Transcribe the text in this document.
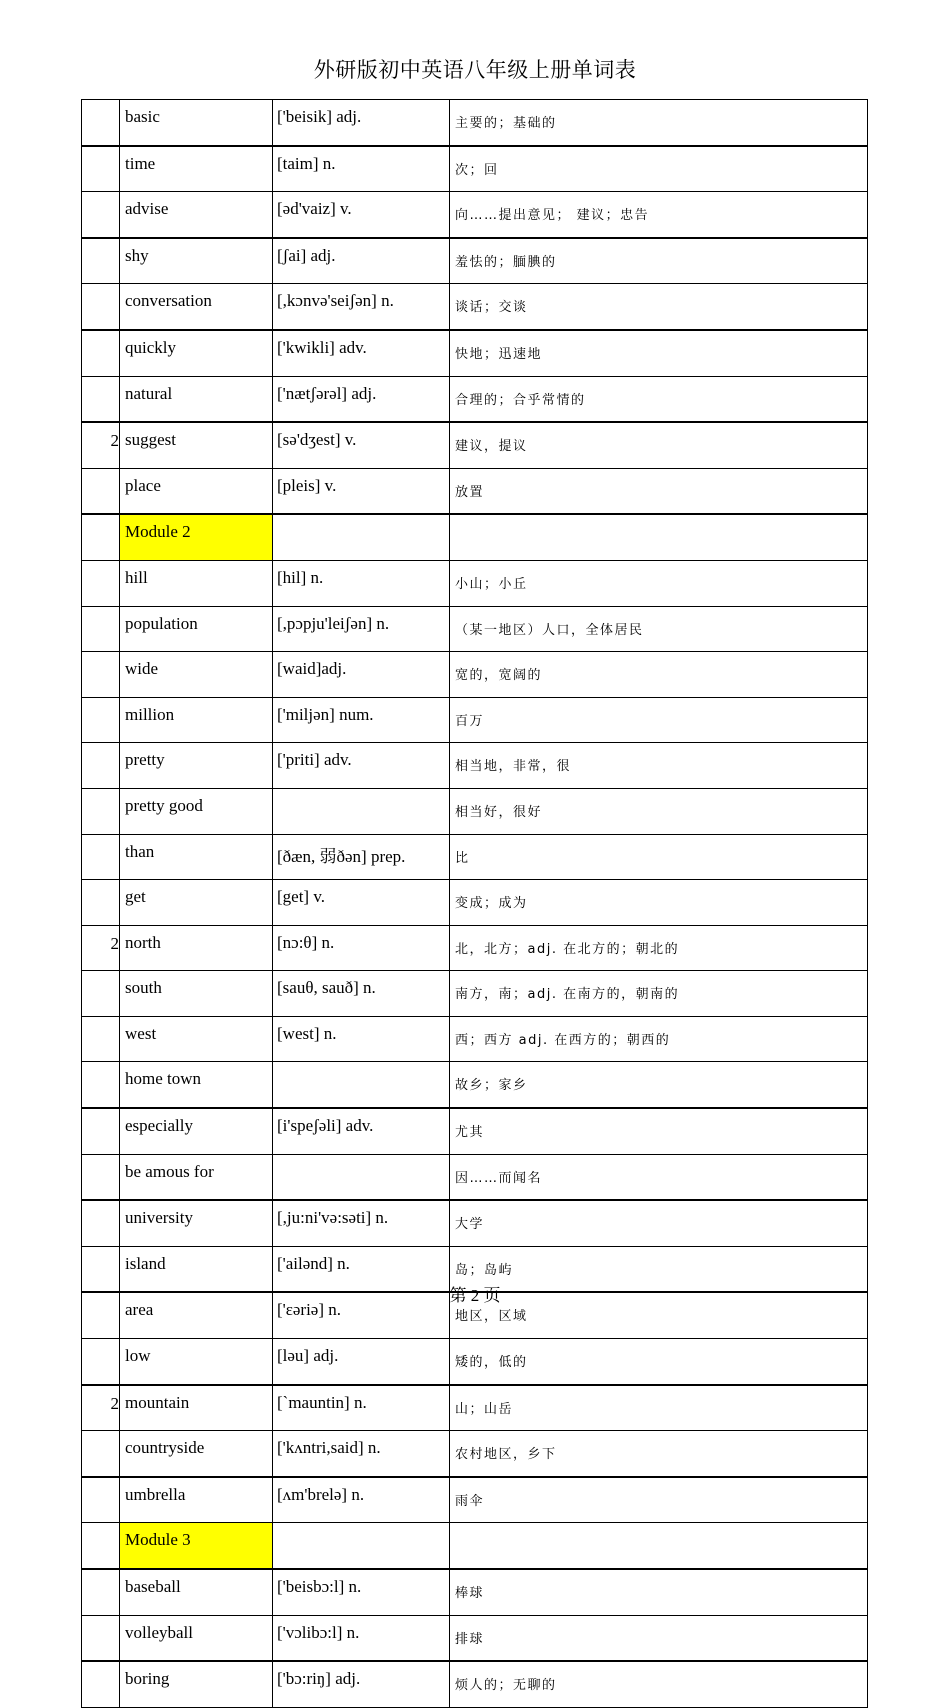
外研版初中英语八年级上册单词表
	basic	['beisik] adj.	主要的；基础的
	time	[taim] n.	次；回
	advise	[əd'vaiz] v.	向……提出意见； 建议；忠告
	shy	[ʃai] adj.	羞怯的；腼腆的
	conversation	[,kɔnvə'seiʃən] n.	谈话；交谈
	quickly	['kwikli] adv.	快地；迅速地
	natural	['nætʃərəl] adj.	合理的；合乎常情的
2	suggest	[sə'dʒest] v.	建议，提议
	place	[pleis] v.	放置
	Module 2		
	hill	[hil] n.	小山；小丘
	population	[,pɔpju'leiʃən] n.	（某一地区）人口，全体居民
	wide	[waid]adj.	宽的，宽阔的
	million	['miljən] num.	百万
	pretty	['priti] adv.	相当地，非常，很
	pretty good		相当好，很好
	than	[ðæn, 弱ðən] prep.	比
	get	[get] v.	变成；成为
2	north	[nɔ:θ] n.	北，北方；adj. 在北方的；朝北的
	south	[sauθ, sauð] n.	南方，南；adj. 在南方的，朝南的
	west	[west] n.	西；西方 adj. 在西方的；朝西的
	home town		故乡；家乡
	especially	[i'speʃəli] adv.	尤其
	be amous for		因……而闻名
	university	[,ju:ni'və:səti] n.	大学
	island	['ailənd] n.	岛；岛屿
	area	['ɛəriə] n.	地区，区域
	low	[ləu] adj.	矮的，低的
2	mountain	[`mauntin] n.	山；山岳
	countryside	['kʌntri,said] n.	农村地区，乡下
	umbrella	[ʌm'brelə] n.	雨伞
	Module 3		
	baseball	['beisbɔ:l] n.	棒球
	volleyball	['vɔlibɔ:l] n.	排球
	boring	['bɔ:riŋ] adj.	烦人的；无聊的
第 2 页
